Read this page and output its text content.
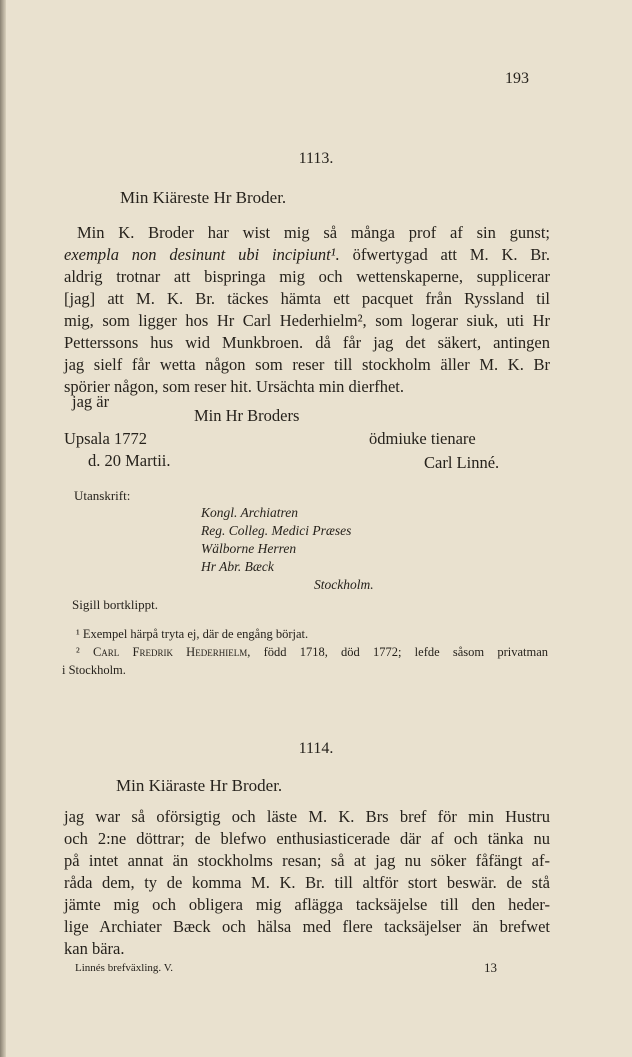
193
1113.
Min Kiäreste Hr Broder.
Min K. Broder har wist mig så många prof af sin gunst;
exempla non desinunt ubi incipiunt¹. öfwertygad att M. K. Br.
aldrig trotnar att bispringa mig och wettenskaperne, supplicerar
[jag] att M. K. Br. täckes hämta ett pacquet från Ryssland til
mig, som ligger hos Hr Carl Hederhielm², som logerar siuk, uti Hr
Petterssons hus wid Munkbroen. då får jag det säkert, antingen
jag sielf får wetta någon som reser till stockholm äller M. K. Br
spörier någon, som reser hit. Ursächta min dierfhet.
jag är
Min Hr Broders
Upsala 1772
d. 20 Martii.
ödmiuke tienare
Carl Linné.
Utanskrift:
Kongl. Archiatren
Reg. Colleg. Medici Præses
Wälborne Herren
Hr Abr. Bæck
Stockholm.
Sigill bortklippt.
¹ Exempel härpå tryta ej, där de engång börjat.
² Carl Fredrik Hederhielm, född 1718, död 1772; lefde såsom privatman
i Stockholm.
1114.
Min Kiäraste Hr Broder.
jag war så oförsigtig och läste M. K. Brs bref för min Hustru
och 2:ne döttrar; de blefwo enthusiasticerade där af och tänka nu
på intet annat än stockholms resan; så at jag nu söker fåfängt af-
råda dem, ty de komma M. K. Br. till altför stort beswär. de stå
jämte mig och obligera mig aflägga tacksäjelse till den heder-
lige Archiater Bæck och hälsa med flere tacksäjelser än brefwet
kan bära.
Linnés brefväxling. V.	13
